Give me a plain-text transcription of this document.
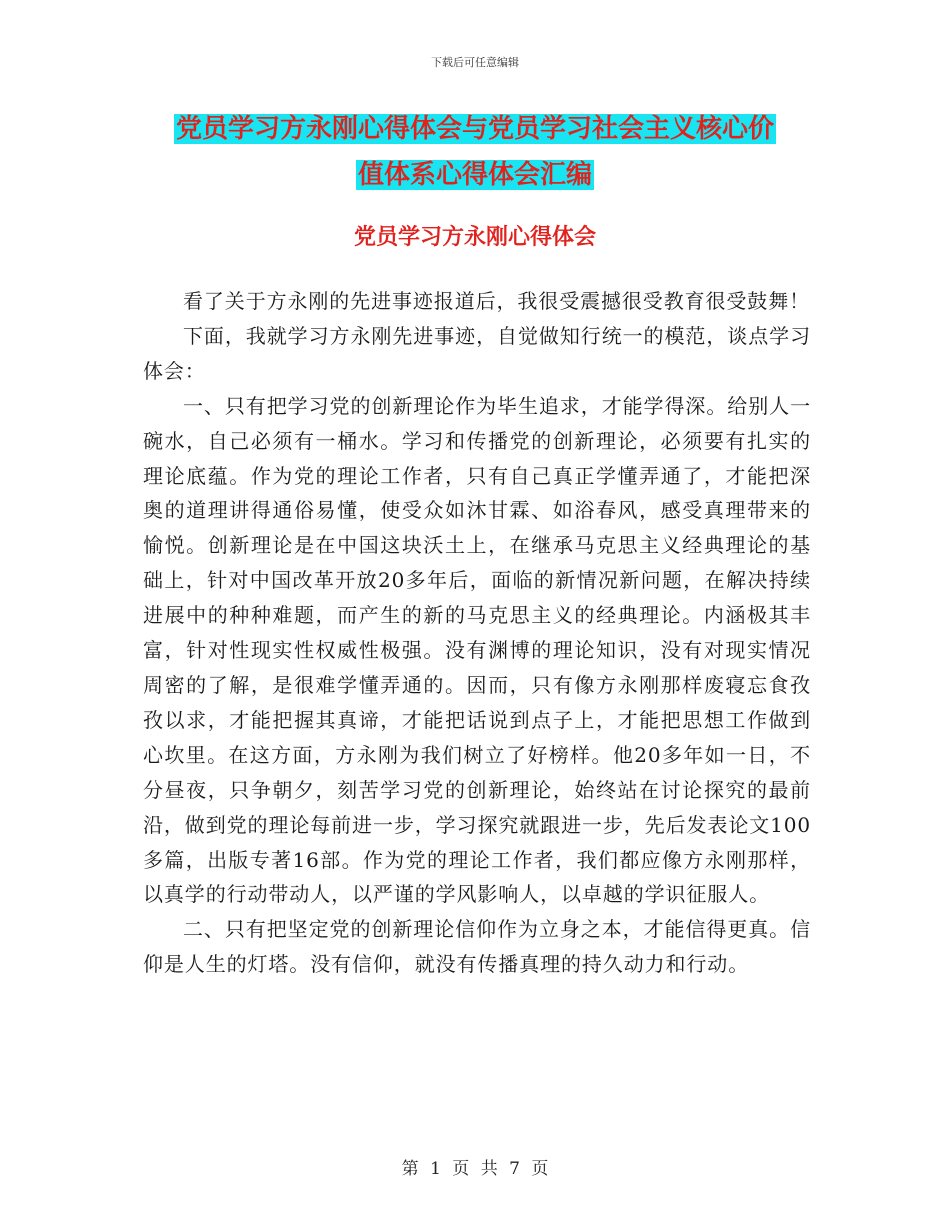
下载后可任意编辑
党员学习方永刚心得体会与党员学习社会主义核心价
值体系心得体会汇编
党员学习方永刚心得体会

看了关于方永刚的先进事迹报道后，我很受震撼很受教育很受鼓舞！

下面，我就学习方永刚先进事迹，自觉做知行统一的模范，谈点学习体会：

一、只有把学习党的创新理论作为毕生追求，才能学得深。给别人一碗水，自己必须有一桶水。学习和传播党的创新理论，必须要有扎实的理论底蕴。作为党的理论工作者，只有自己真正学懂弄通了，才能把深奥的道理讲得通俗易懂，使受众如沐甘霖、如浴春风，感受真理带来的愉悦。创新理论是在中国这块沃土上，在继承马克思主义经典理论的基础上，针对中国改革开放20多年后，面临的新情况新问题，在解决持续进展中的种种难题，而产生的新的马克思主义的经典理论。内涵极其丰富，针对性现实性权威性极强。没有渊博的理论知识，没有对现实情况周密的了解，是很难学懂弄通的。因而，只有像方永刚那样废寝忘食孜孜以求，才能把握其真谛，才能把话说到点子上，才能把思想工作做到心坎里。在这方面，方永刚为我们树立了好榜样。他20多年如一日，不分昼夜，只争朝夕，刻苦学习党的创新理论，始终站在讨论探究的最前沿，做到党的理论每前进一步，学习探究就跟进一步，先后发表论文100多篇，出版专著16部。作为党的理论工作者，我们都应像方永刚那样，以真学的行动带动人，以严谨的学风影响人，以卓越的学识征服人。

二、只有把坚定党的创新理论信仰作为立身之本，才能信得更真。信仰是人生的灯塔。没有信仰，就没有传播真理的持久动力和行动。

第 1 页 共 7 页
